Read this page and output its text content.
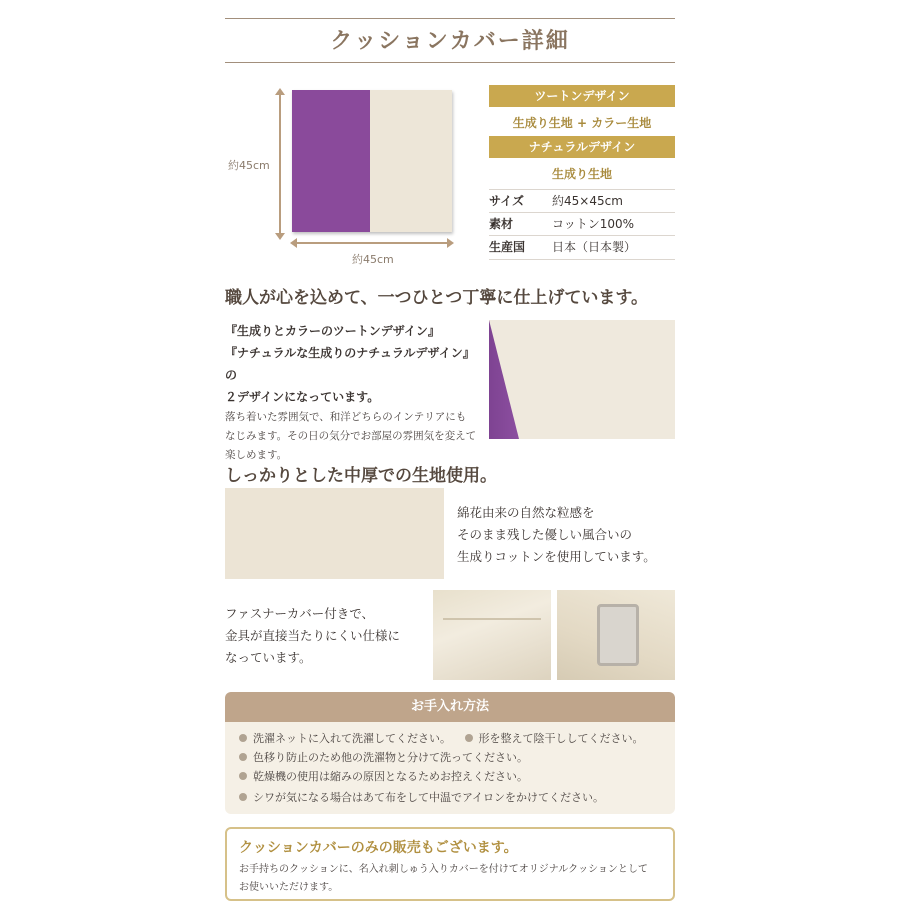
クッションカバー詳細
約45cm
約45cm
ツートンデザイン
生成り生地 + カラー生地
ナチュラルデザイン
生成り生地
サイズ 約45×45cm
素材	コットン100%
生産国 日本（日本製）
職人が心を込めて、一つひとつ丁寧に仕上げています。
『生成りとカラーのツートンデザイン』
『ナチュラルな生成りのナチュラルデザイン』の
２デザインになっています。
落ち着いた雰囲気で、和洋どちらのインテリアにも
なじみます。その日の気分でお部屋の雰囲気を変えて
楽しめます。
しっかりとした中厚での生地使用。
綿花由来の自然な粒感を
そのまま残した優しい風合いの
生成りコットンを使用しています。
ファスナーカバー付きで、
金具が直接当たりにくい仕様に
なっています。
お手入れ方法
洗濯ネットに入れて洗濯してください。	形を整えて陰干ししてください。
色移り防止のため他の洗濯物と分けて洗ってください。
乾燥機の使用は縮みの原因となるためお控えください。
シワが気になる場合はあて布をして中温でアイロンをかけてください。
クッションカバーのみの販売もございます。
お手持ちのクッションに、名入れ刺しゅう入りカバーを付けてオリジナルクッションとして
お使いいただけます。
